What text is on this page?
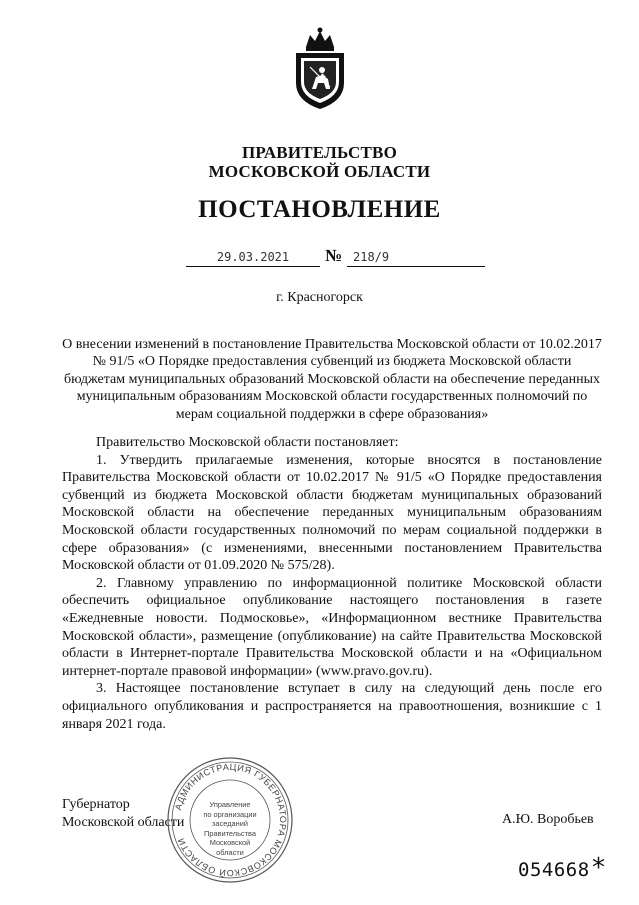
ПРАВИТЕЛЬСТВО
МОСКОВСКОЙ ОБЛАСТИ
ПОСТАНОВЛЕНИЕ
29.03.2021	№ 218/9
г. Красногорск
О внесении изменений в постановление Правительства Московской области от 10.02.2017 № 91/5 «О Порядке предоставления субвенций из бюджета Московской области бюджетам муниципальных образований Московской области на обеспечение переданных муниципальным образованиям Московской области государственных полномочий по мерам социальной поддержки в сфере образования»

Правительство Московской области постановляет:

1. Утвердить прилагаемые изменения, которые вносятся в постановление Правительства Московской области от 10.02.2017 № 91/5 «О Порядке предоставления субвенций из бюджета Московской области бюджетам муниципальных образований Московской области на обеспечение переданных муниципальным образованиям Московской области государственных полномочий по мерам социальной поддержки в сфере образования» (с изменениями, внесенными постановлением Правительства Московской области от 01.09.2020 № 575/28).

2. Главному управлению по информационной политике Московской области обеспечить официальное опубликование настоящего постановления в газете «Ежедневные новости. Подмосковье», «Информационном вестнике Правительства Московской области», размещение (опубликование) на сайте Правительства Московской области в Интернет-портале Правительства Московской области и на «Официальном интернет-портале правовой информации» (www.pravo.gov.ru).

3. Настоящее постановление вступает в силу на следующий день после его официального опубликования и распространяется на правоотношения, возникшие с 1 января 2021 года.

Губернатор
Московской области	А.Ю. Воробьев
АДМИНИСТРАЦИЯ ГУБЕРНАТОРА МОСКОВСКОЙ ОБЛАСТИ
Управление
по организации
заседаний
Правительства
Московской
области
054668 *
